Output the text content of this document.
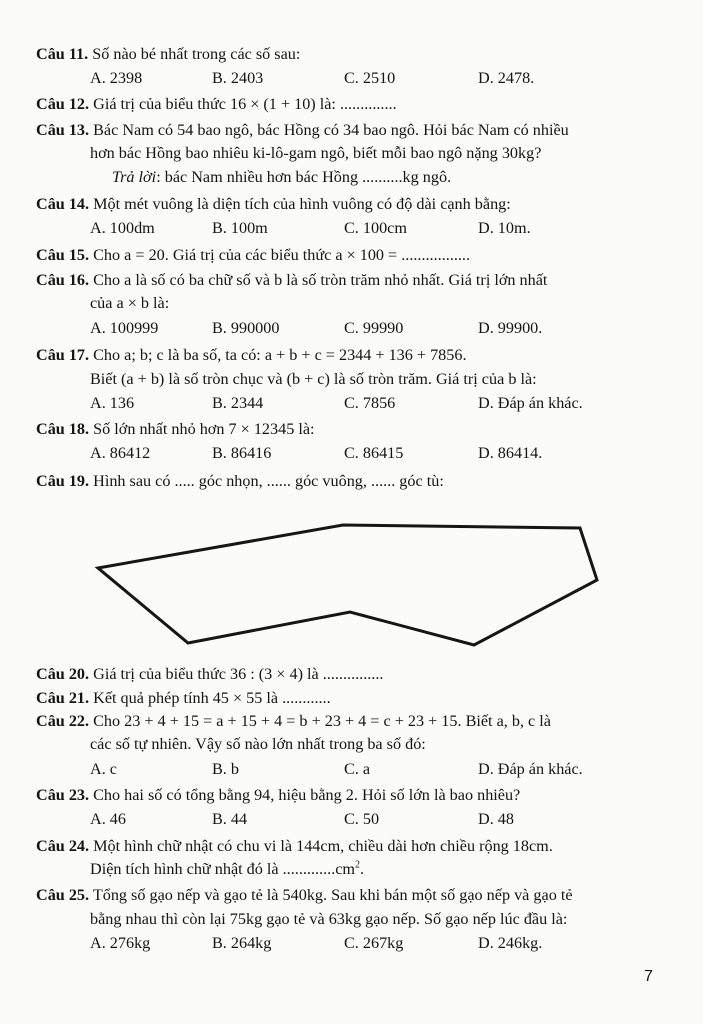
Câu 11. Số nào bé nhất trong các số sau:
A. 2398	B. 2403	C. 2510	D. 2478.
Câu 12. Giá trị của biểu thức 16 × (1 + 10) là: ..............
Câu 13. Bác Nam có 54 bao ngô, bác Hồng có 34 bao ngô. Hỏi bác Nam có nhiều
hơn bác Hồng bao nhiêu ki-lô-gam ngô, biết mỗi bao ngô nặng 30kg?
Trả lời: bác Nam nhiều hơn bác Hồng ..........kg ngô.
Câu 14. Một mét vuông là diện tích của hình vuông có độ dài cạnh bằng:
A. 100dm	B. 100m	C. 100cm	D. 10m.
Câu 15. Cho a = 20. Giá trị của các biểu thức a × 100 = .................
Câu 16. Cho a là số có ba chữ số và b là số tròn trăm nhỏ nhất. Giá trị lớn nhất
của a × b là:
A. 100999	B. 990000	C. 99990	D. 99900.
Câu 17. Cho a; b; c là ba số, ta có: a + b + c = 2344 + 136 + 7856.
Biết (a + b) là số tròn chục và (b + c) là số tròn trăm. Giá trị của b là:
A. 136	B. 2344	C. 7856	D. Đáp án khác.
Câu 18. Số lớn nhất nhỏ hơn 7 × 12345 là:
A. 86412	B. 86416	C. 86415	D. 86414.
Câu 19. Hình sau có ..... góc nhọn, ...... góc vuông, ...... góc tù:
Câu 20. Giá trị của biểu thức 36 : (3 × 4) là ...............
Câu 21. Kết quả phép tính 45 × 55 là ............
Câu 22. Cho 23 + 4 + 15 = a + 15 + 4 = b + 23 + 4 = c + 23 + 15. Biết a, b, c là
các số tự nhiên. Vậy số nào lớn nhất trong ba số đó:
A. c	B. b	C. a	D. Đáp án khác.
Câu 23. Cho hai số có tổng bằng 94, hiệu bằng 2. Hỏi số lớn là bao nhiêu?
A. 46	B. 44	C. 50	D. 48
Câu 24. Một hình chữ nhật có chu vi là 144cm, chiều dài hơn chiều rộng 18cm.
Diện tích hình chữ nhật đó là $.............cm^2$.
Câu 25. Tổng số gạo nếp và gạo tẻ là 540kg. Sau khi bán một số gạo nếp và gạo tẻ
bằng nhau thì còn lại 75kg gạo tẻ và 63kg gạo nếp. Số gạo nếp lúc đầu là:
A. 276kg	B. 264kg	C. 267kg	D. 246kg.
7
